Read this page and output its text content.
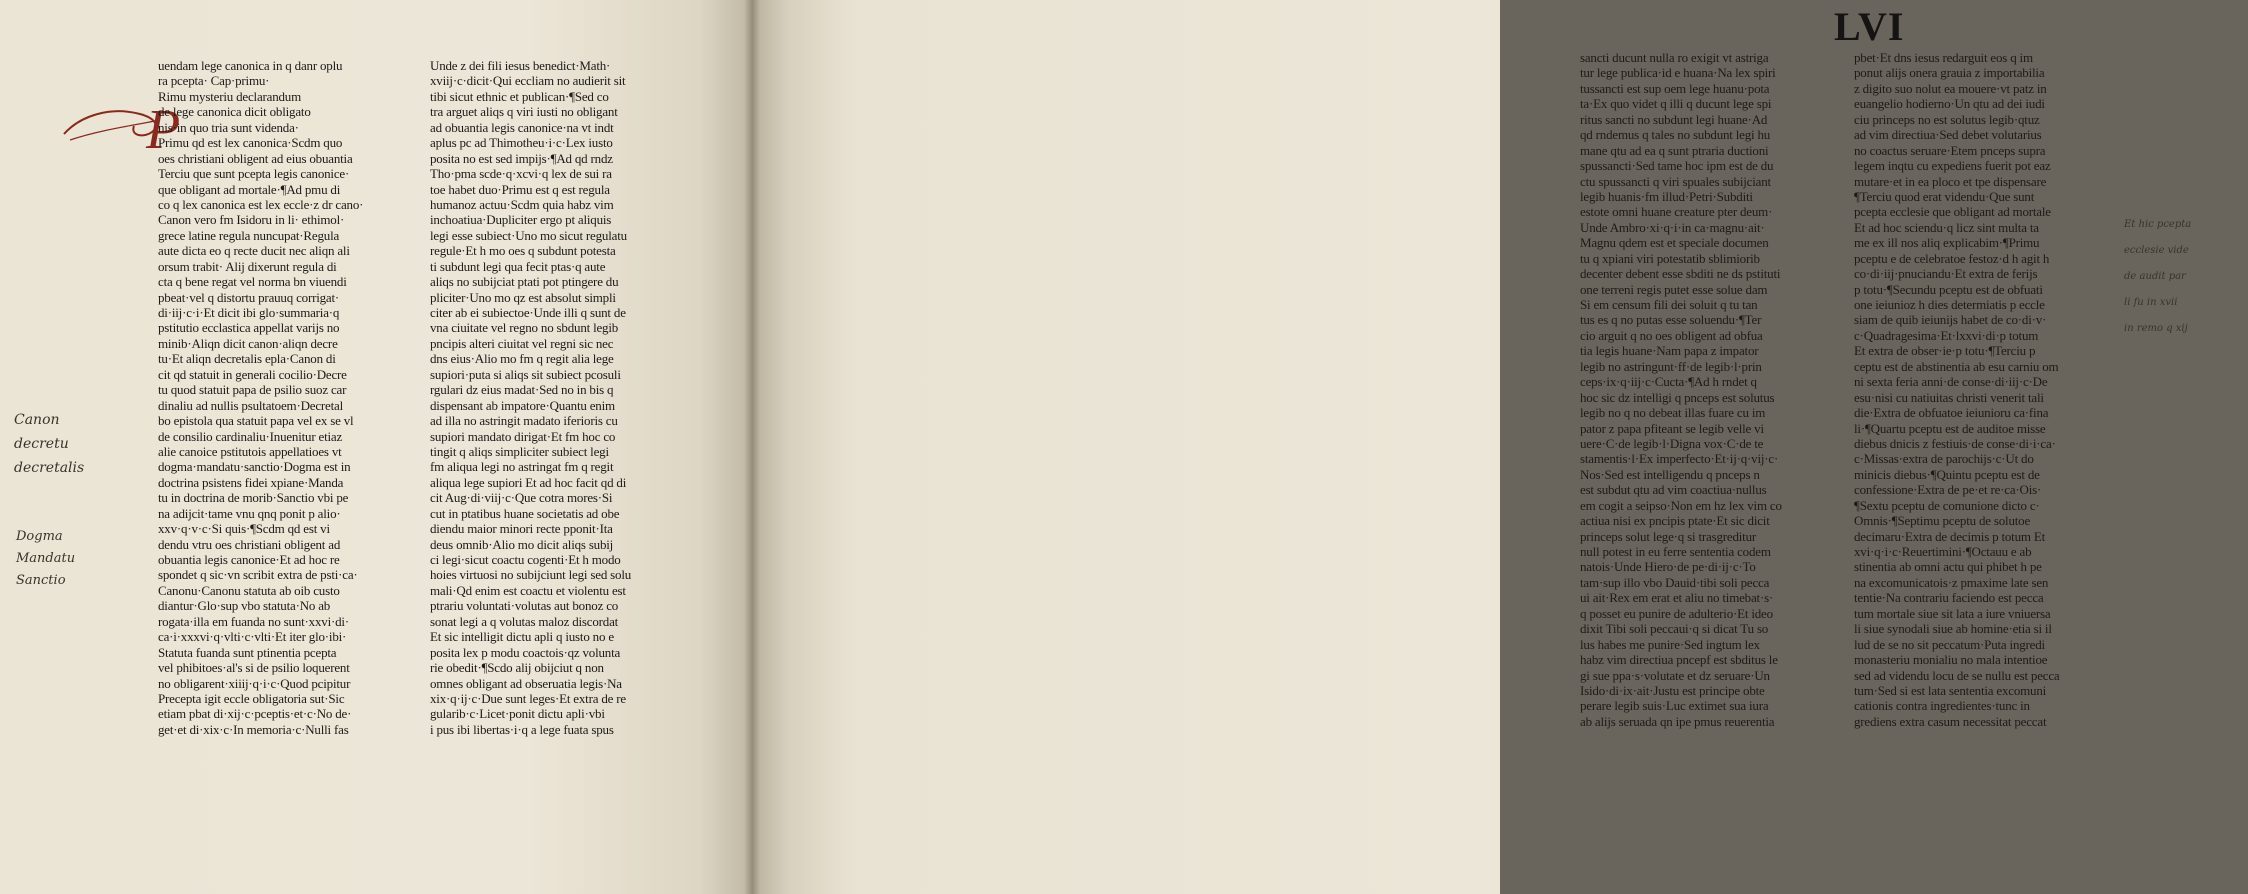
P
uendam lege canonica in q danr oplu
ra pcepta· Cap·primu·
Rimu mysteriu declarandum
de lege canonica dicit obligato
nis·in quo tria sunt videnda·
Primu qd est lex canonica·Scdm quo
oes christiani obligent ad eius obuantia
Terciu que sunt pcepta legis canonice·
que obligant ad mortale·¶Ad pmu di
co q lex canonica est lex eccle·z dr cano·
Canon vero fm Isidoru in li· ethimol·
grece latine regula nuncupat·Regula
aute dicta eo q recte ducit nec aliqn ali
orsum trabit· Alij dixerunt regula di
cta q bene regat vel norma bn viuendi
pbeat·vel q distortu prauuq corrigat·
di·iij·c·i·Et dicit ibi glo·summaria·q
pstitutio ecclastica appellat varijs no
minib·Aliqn dicit canon·aliqn decre
tu·Et aliqn decretalis epla·Canon di
cit qd statuit in generali cocilio·Decre
tu quod statuit papa de psilio suoz car
dinaliu ad nullis psultatoem·Decretal
bo epistola qua statuit papa vel ex se vl
de consilio cardinaliu·Inuenitur etiaz
alie canoice pstitutois appellatioes vt
dogma·mandatu·sanctio·Dogma est in
doctrina psistens fidei xpiane·Manda
tu in doctrina de morib·Sanctio vbi pe
na adijcit·tame vnu qnq ponit p alio·
xxv·q·v·c·Si quis·¶Scdm qd est vi
dendu vtru oes christiani obligent ad
obuantia legis canonice·Et ad hoc re
spondet q sic·vn scribit extra de psti·ca·
Canonu·Canonu statuta ab oib custo
diantur·Glo·sup vbo statuta·No ab
rogata·illa em fuanda no sunt·xxvi·di·
ca·i·xxxvi·q·vlti·c·vlti·Et iter glo·ibi·
Statuta fuanda sunt ptinentia pcepta
vel phibitoes·al's si de psilio loquerent
no obligarent·xiiij·q·i·c·Quod pcipitur
Precepta igit eccle obligatoria sut·Sic
etiam pbat di·xij·c·pceptis·et·c·No de·
get·et di·xix·c·In memoria·c·Nulli fas
Unde z dei fili iesus benedict·Math·
xviij·c·dicit·Qui eccliam no audierit sit
tibi sicut ethnic et publican·¶Sed co
tra arguet aliqs q viri iusti no obligant
ad obuantia legis canonice·na vt indt
aplus pc ad Thimotheu·i·c·Lex iusto
posita no est sed impijs·¶Ad qd rndz
Tho·pma scde·q·xcvi·q lex de sui ra
toe habet duo·Primu est q est regula
humanoz actuu·Scdm quia habz vim
inchoatiua·Dupliciter ergo pt aliquis
legi esse subiect·Uno mo sicut regulatu
regule·Et h mo oes q subdunt potesta
ti subdunt legi qua fecit ptas·q aute
aliqs no subijciat ptati pot ptingere du
pliciter·Uno mo qz est absolut simpli
citer ab ei subiectoe·Unde illi q sunt de
vna ciuitate vel regno no sbdunt legib
pncipis alteri ciuitat vel regni sic nec
dns eius·Alio mo fm q regit alia lege
supiori·puta si aliqs sit subiect pcosuli
rgulari dz eius madat·Sed no in bis q
dispensant ab impatore·Quantu enim
ad illa no astringit madato iferioris cu
supiori mandato dirigat·Et fm hoc co
tingit q aliqs simpliciter subiect legi
fm aliqua legi no astringat fm q regit
aliqua lege supiori Et ad hoc facit qd di
cit Aug·di·viij·c·Que cotra mores·Si
cut in ptatibus huane societatis ad obe
diendu maior minori recte pponit·Ita
deus omnib·Alio mo dicit aliqs subij
ci legi·sicut coactu cogenti·Et h modo
hoies virtuosi no subijciunt legi sed solu
mali·Qd enim est coactu et violentu est
ptrariu voluntati·volutas aut bonoz co
sonat legi a q volutas maloz discordat
Et sic intelligit dictu apli q iusto no e
posita lex p modu coactois·qz volunta
rie obedit·¶Scdo alij obijciut q non
omnes obligant ad obseruatia legis·Na
xix·q·ij·c·Due sunt leges·Et extra de re
gularib·c·Licet·ponit dictu apli·vbi
i pus ibi libertas·i·q a lege fuata spus
Canon
decretu
decretalis
Dogma
Mandatu
Sanctio
LVI
sancti ducunt nulla ro exigit vt astriga
tur lege publica·id e huana·Na lex spiri
tussancti est sup oem lege huanu·pota
ta·Ex quo videt q illi q ducunt lege spi
ritus sancti no subdunt legi huane·Ad
qd rndemus q tales no subdunt legi hu
mane qtu ad ea q sunt ptraria ductioni
spussancti·Sed tame hoc ipm est de du
ctu spussancti q viri spuales subijciant
legib huanis·fm illud·Petri·Subditi
estote omni huane creature pter deum·
Unde Ambro·xi·q·i·in ca·magnu·ait·
Magnu qdem est et speciale documen
tu q xpiani viri potestatib sblimiorib
decenter debent esse sbditi ne ds pstituti
one terreni regis putet esse solue dam
Si em censum fili dei soluit q tu tan
tus es q no putas esse soluendu·¶Ter
cio arguit q no oes obligent ad obfua
tia legis huane·Nam papa z impator
legib no astringunt·ff·de legib·l·prin
ceps·ix·q·iij·c·Cucta·¶Ad h rndet q
hoc sic dz intelligi q pnceps est solutus
legib no q no debeat illas fuare cu im
pator z papa pfiteant se legib velle vi
uere·C·de legib·l·Digna vox·C·de te
stamentis·l·Ex imperfecto·Et·ij·q·vij·c·
Nos·Sed est intelligendu q pnceps n
est subdut qtu ad vim coactiua·nullus
em cogit a seipso·Non em hz lex vim co
actiua nisi ex pncipis ptate·Et sic dicit
princeps solut lege·q si trasgreditur
null potest in eu ferre sententia codem
natois·Unde Hiero·de pe·di·ij·c·To
tam·sup illo vbo Dauid·tibi soli pecca
ui ait·Rex em erat et aliu no timebat·s·
q posset eu punire de adulterio·Et ideo
dixit Tibi soli peccaui·q si dicat Tu so
lus habes me punire·Sed ingtum lex
habz vim directiua pncepf est sbditus le
gi sue ppa·s·volutate et dz seruare·Un
Isido·di·ix·ait·Justu est principe obte
perare legib suis·Luc extimet sua iura
ab alijs seruada qn ipe pmus reuerentia
pbet·Et dns iesus redarguit eos q im
ponut alijs onera grauia z importabilia
z digito suo nolut ea mouere·vt patz in
euangelio hodierno·Un qtu ad dei iudi
ciu princeps no est solutus legib·qtuz
ad vim directiua·Sed debet volutarius
no coactus seruare·Etem pnceps supra
legem inqtu cu expediens fuerit pot eaz
mutare·et in ea ploco et tpe dispensare
¶Terciu quod erat videndu·Que sunt
pcepta ecclesie que obligant ad mortale
Et ad hoc sciendu·q licz sint multa ta
me ex ill nos aliq explicabim·¶Primu
pceptu e de celebratoe festoz·d h agit h
co·di·iij·pnuciandu·Et extra de ferijs
p totu·¶Secundu pceptu est de obfuati
one ieiunioz h dies determiatis p eccle
siam de quib ieiunijs habet de co·di·v·
c·Quadragesima·Et·lxxvi·di·p totum
Et extra de obser·ie·p totu·¶Terciu p
ceptu est de abstinentia ab esu carniu om
ni sexta feria anni·de conse·di·iij·c·De
esu·nisi cu natiuitas christi venerit tali
die·Extra de obfuatoe ieiunioru ca·fina
li·¶Quartu pceptu est de auditoe misse
diebus dnicis z festiuis·de conse·di·i·ca·
c·Missas·extra de parochijs·c·Ut do
minicis diebus·¶Quintu pceptu est de
confessione·Extra de pe·et re·ca·Ois·
¶Sextu pceptu de comunione dicto c·
Omnis·¶Septimu pceptu de solutoe
decimaru·Extra de decimis p totum Et
xvi·q·i·c·Reuertimini·¶Octauu e ab
stinentia ab omni actu qui phibet h pe
na excomunicatois·z pmaxime late sen
tentie·Na contrariu faciendo est pecca
tum mortale siue sit lata a iure vniuersa
li siue synodali siue ab homine·etia si il
lud de se no sit peccatum·Puta ingredi
monasteriu monialiu no mala intentioe
sed ad videndu locu de se nullu est pecca
tum·Sed si est lata sententia excomuni
cationis contra ingredientes·tunc in
grediens extra casum necessitat peccat
Et hic pcepta
ecclesie vide
de audit par
li fu in xvii
in remo q xij
